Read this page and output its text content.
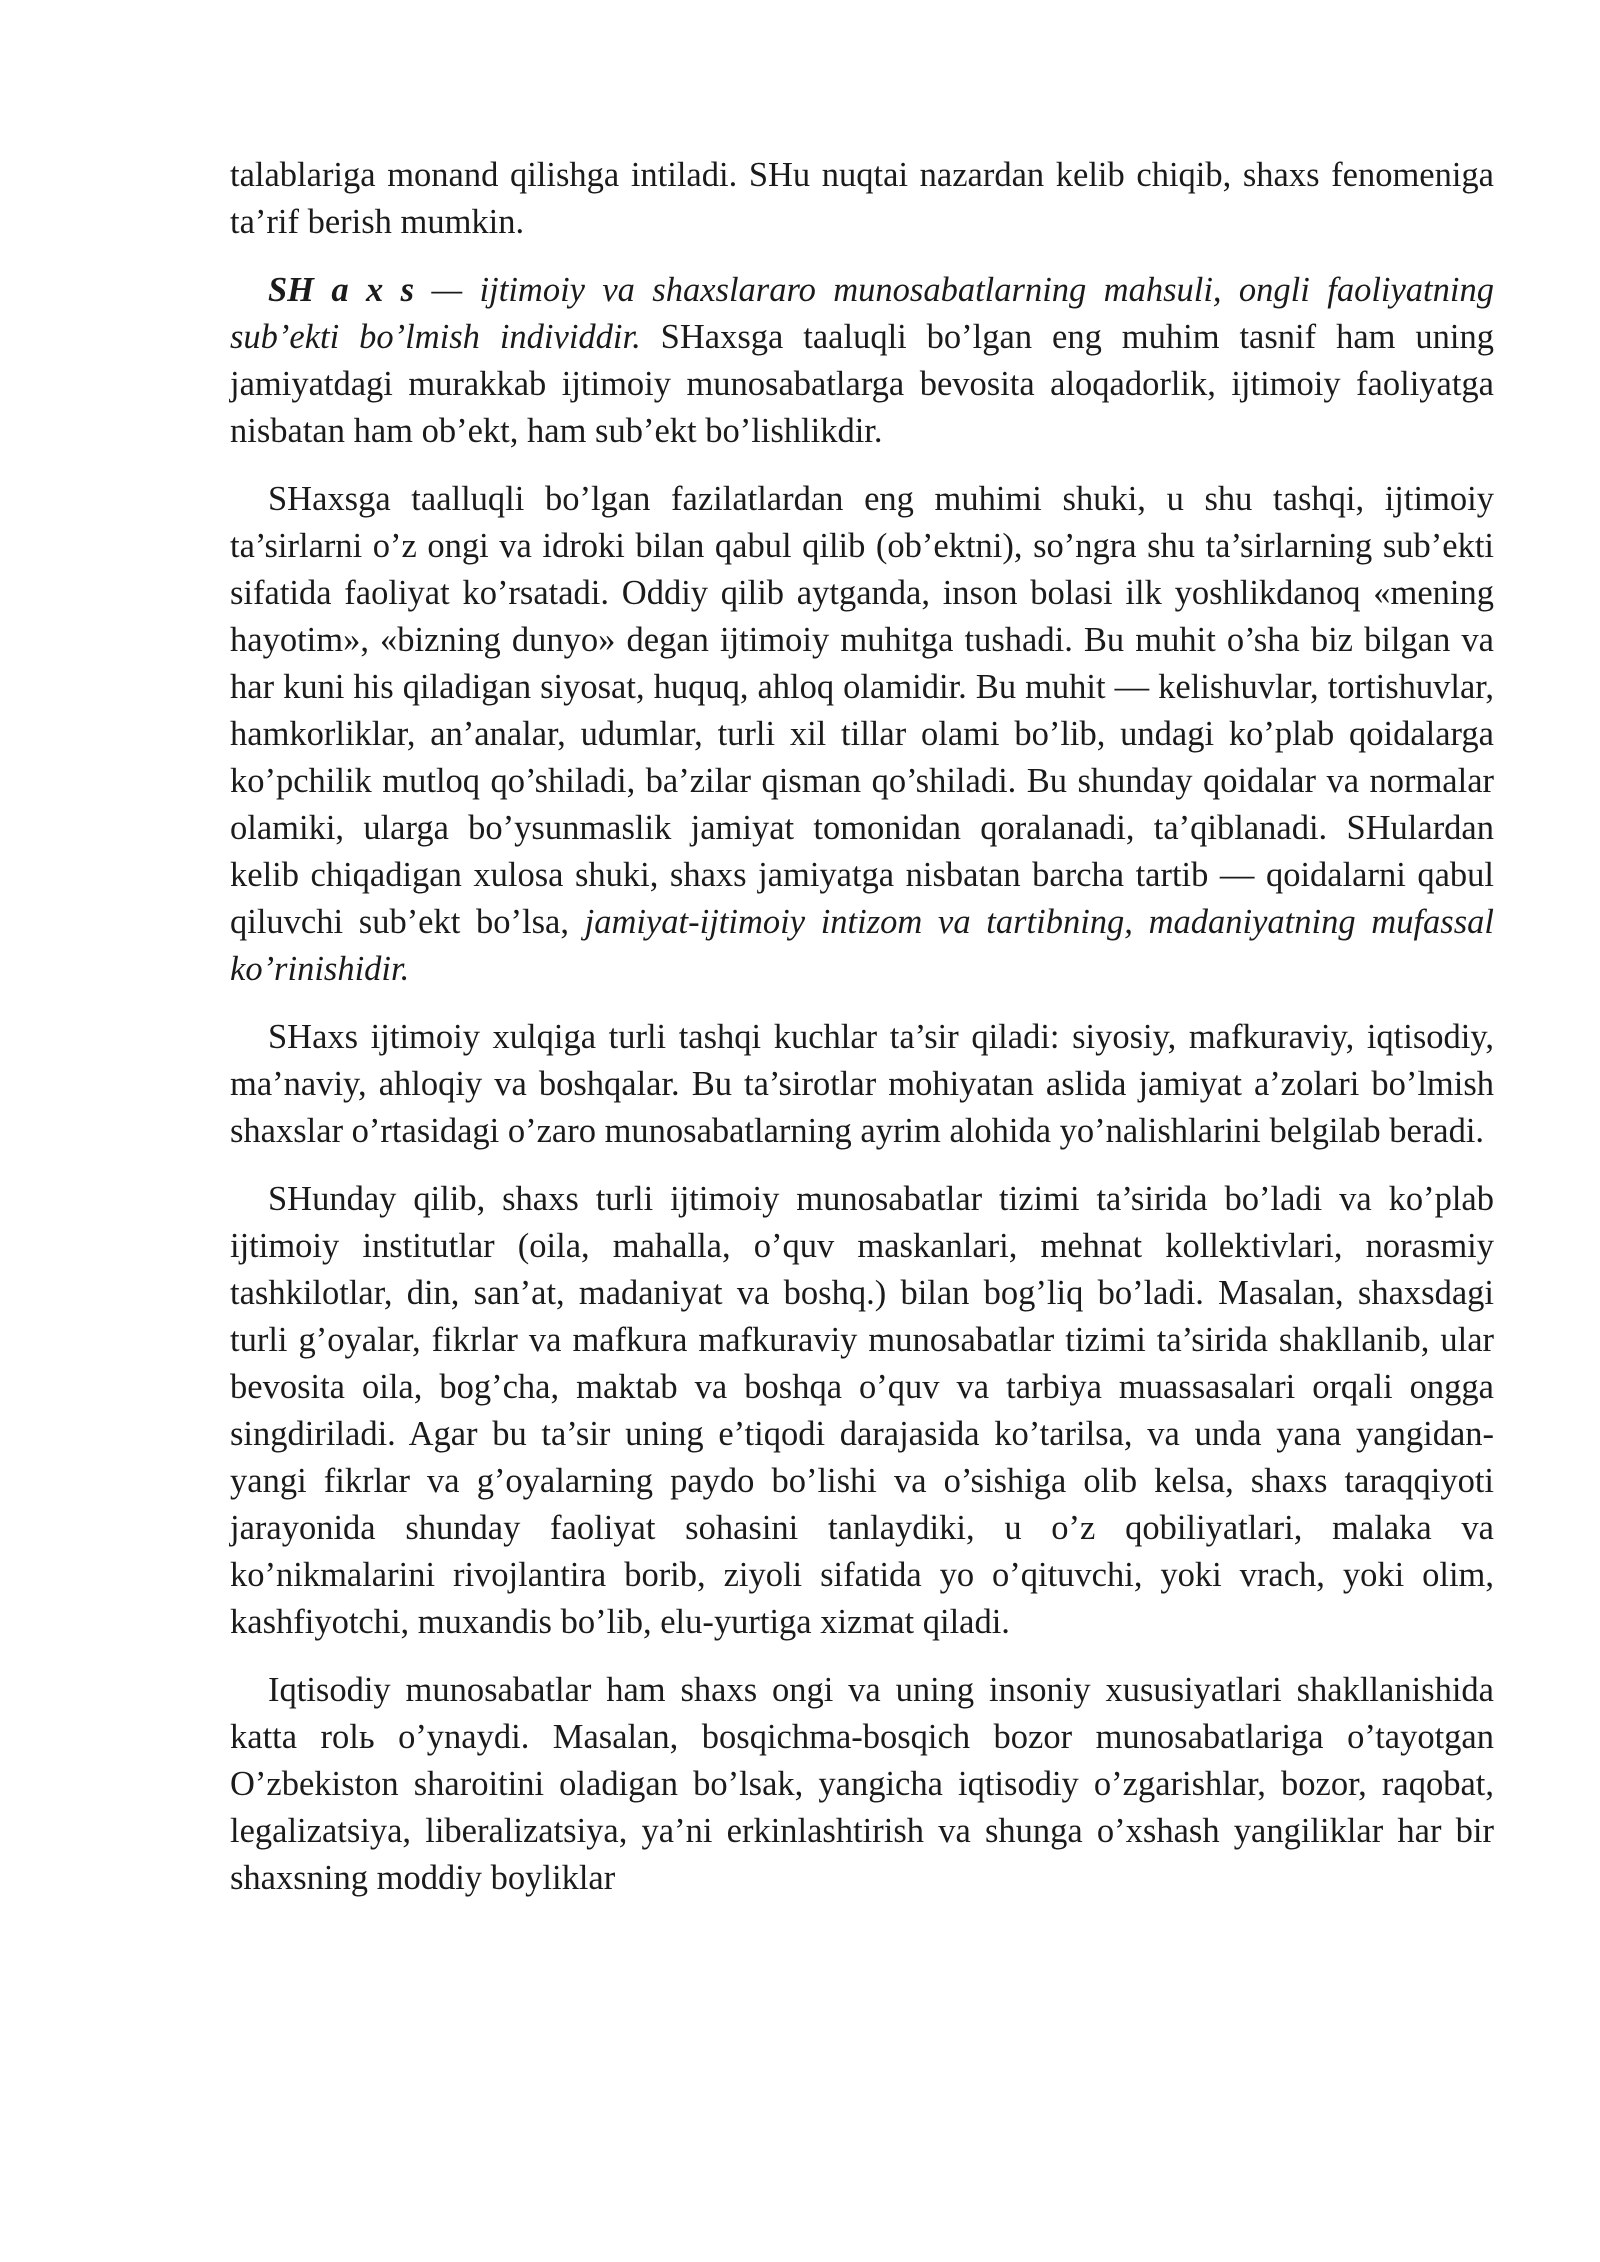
talablariga monand qilishga intiladi. SHu nuqtai nazardan kelib chiqib, shaxs fenomeniga ta’rif berish mumkin.

SH a x s — ijtimoiy va shaxslararo munosabatlarning mahsuli, ongli faoliyatning sub’ekti bo’lmish individdir. SHaxsga taaluqli bo’lgan eng muhim tasnif ham uning jamiyatdagi murakkab ijtimoiy munosabatlarga bevosita aloqadorlik, ijtimoiy faoliyatga nisbatan ham ob’ekt, ham sub’ekt bo’lishlikdir.

SHaxsga taalluqli bo’lgan fazilatlardan eng muhimi shuki, u shu tashqi, ijtimoiy ta’sirlarni o’z ongi va idroki bilan qabul qilib (ob’ektni), so’ngra shu ta’sirlarning sub’ekti sifatida faoliyat ko’rsatadi. Oddiy qilib aytganda, inson bolasi ilk yoshlikdanoq «mening hayotim», «bizning dunyo» degan ijtimoiy muhitga tushadi. Bu muhit o’sha biz bilgan va har kuni his qiladigan siyosat, huquq, ahloq olamidir. Bu muhit — kelishuvlar, tortishuvlar, hamkorliklar, an’analar, udumlar, turli xil tillar olami bo’lib, undagi ko’plab qoidalarga ko’pchilik mutloq qo’shiladi, ba’zilar qisman qo’shiladi. Bu shunday qoidalar va normalar olamiki, ularga bo’ysunmaslik jamiyat tomonidan qoralanadi, ta’qiblanadi. SHulardan kelib chiqadigan xulosa shuki, shaxs jamiyatga nisbatan barcha tartib — qoidalarni qabul qiluvchi sub’ekt bo’lsa, jamiyat-ijtimoiy intizom va tartibning, madaniyatning mufassal ko’rinishidir.

SHaxs ijtimoiy xulqiga turli tashqi kuchlar ta’sir qiladi: siyosiy, mafkuraviy, iqtisodiy, ma’naviy, ahloqiy va boshqalar. Bu ta’sirotlar mohiyatan aslida jamiyat a’zolari bo’lmish shaxslar o’rtasidagi o’zaro munosabatlarning ayrim alohida yo’nalishlarini belgilab beradi.

SHunday qilib, shaxs turli ijtimoiy munosabatlar tizimi ta’sirida bo’ladi va ko’plab ijtimoiy institutlar (oila, mahalla, o’quv maskanlari, mehnat kollektivlari, norasmiy tashkilotlar, din, san’at, madaniyat va boshq.) bilan bog’liq bo’ladi. Masalan, shaxsdagi turli g’oyalar, fikrlar va mafkura mafkuraviy munosabatlar tizimi ta’sirida shakllanib, ular bevosita oila, bog’cha, maktab va boshqa o’quv va tarbiya muassasalari orqali ongga singdiriladi. Agar bu ta’sir uning e’tiqodi darajasida ko’tarilsa, va unda yana yangidan-yangi fikrlar va g’oyalarning paydo bo’lishi va o’sishiga olib kelsa, shaxs taraqqiyoti jarayonida shunday faoliyat sohasini tanlaydiki, u o’z qobiliyatlari, malaka va ko’nikmalarini rivojlantira borib, ziyoli sifatida yo o’qituvchi, yoki vrach, yoki olim, kashfiyotchi, muxandis bo’lib, elu-yurtiga xizmat qiladi.

Iqtisodiy munosabatlar ham shaxs ongi va uning insoniy xususiyatlari shakllanishida katta rolь o’ynaydi. Masalan, bosqichma-bosqich bozor munosabatlariga o’tayotgan O’zbekiston sharoitini oladigan bo’lsak, yangicha iqtisodiy o’zgarishlar, bozor, raqobat, legalizatsiya, liberalizatsiya, ya’ni erkinlashtirish va shunga o’xshash yangiliklar har bir shaxsning moddiy boyliklar
